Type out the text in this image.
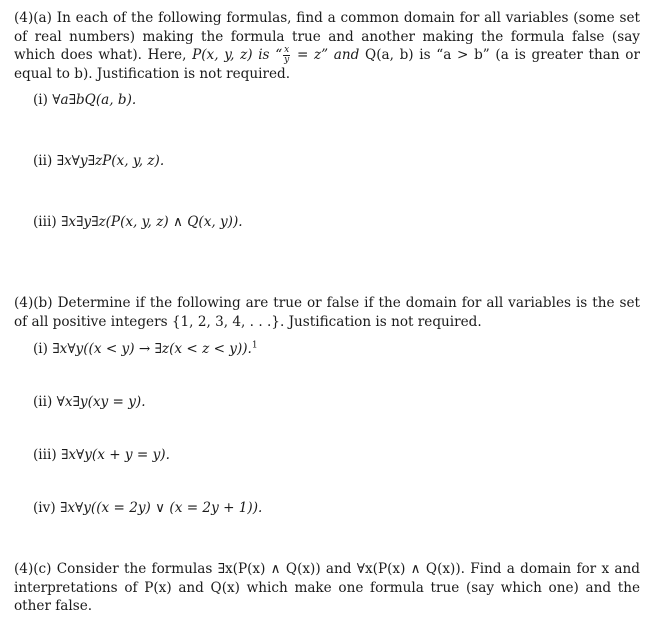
(4)(a) In each of the following formulas, find a common domain for all variables (some set of real numbers) making the formula true and another making the formula false (say which does what). Here, P(x, y, z) is “ $\frac{x}{y} = z$” and Q(a, b) is “a > b” (a is greater than or equal to b). Justification is not required.
(i) ∀a∃bQ(a, b).
(ii) ∃x∀y∃zP(x, y, z).
(iii) ∃x∃y∃z(P(x, y, z) ∧ Q(x, y)).
(4)(b) Determine if the following are true or false if the domain for all variables is the set of all positive integers {1, 2, 3, 4, . . .}. Justification is not required.
(i) ∃x∀y((x < y) → ∃z(x < z < y)).$^1$
(ii) ∀x∃y(xy = y).
(iii) ∃x∀y(x + y = y).
(iv) ∃x∀y((x = 2y) ∨ (x = 2y + 1)).
(4)(c) Consider the formulas ∃x(P(x) ∧ Q(x)) and ∀x(P(x) ∧ Q(x)). Find a domain for x and interpretations of P(x) and Q(x) which make one formula true (say which one) and the other false.
